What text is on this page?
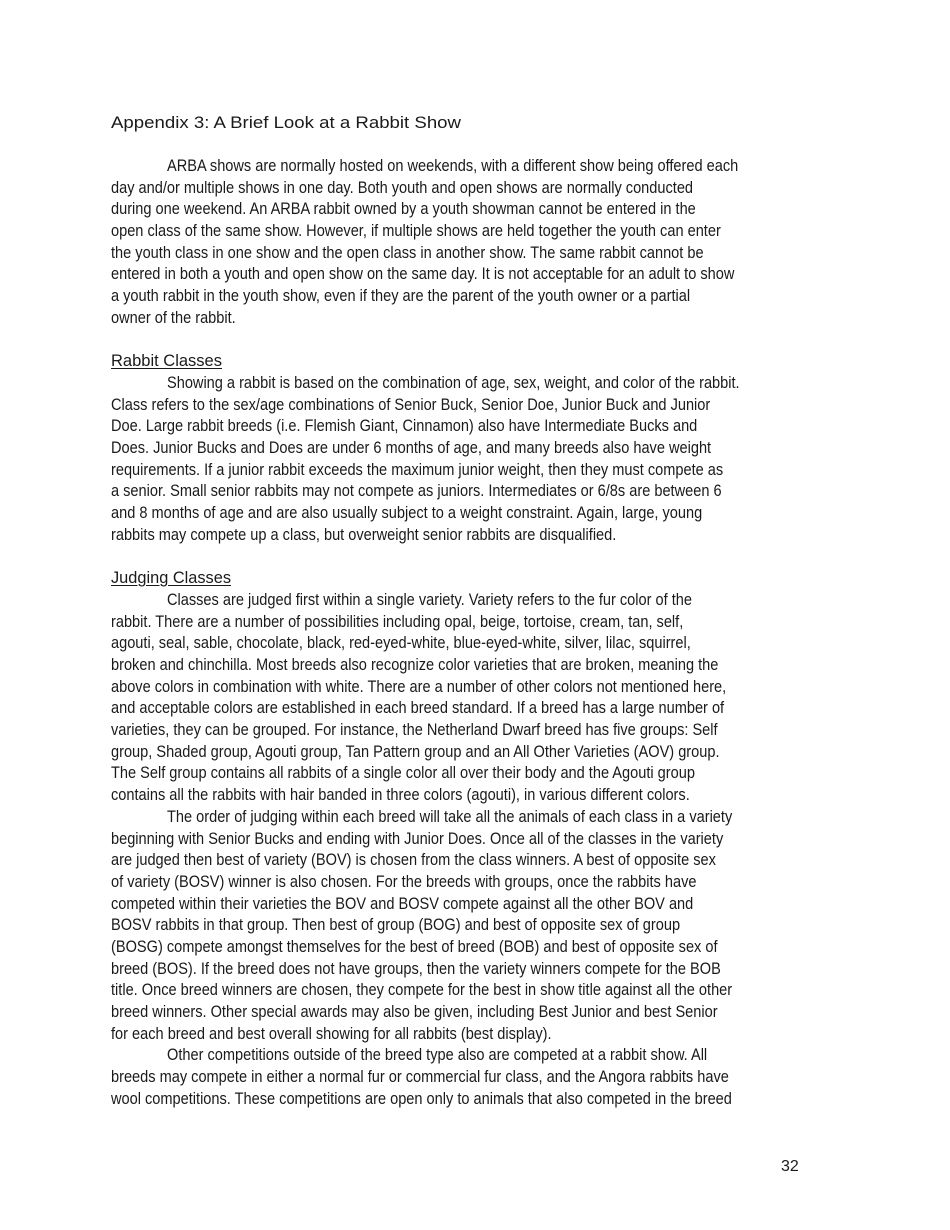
Appendix 3: A Brief Look at a Rabbit Show
ARBA shows are normally hosted on weekends, with a different show being offered each
day and/or multiple shows in one day. Both youth and open shows are normally conducted
during one weekend. An ARBA rabbit owned by a youth showman cannot be entered in the
open class of the same show. However, if multiple shows are held together the youth can enter
the youth class in one show and the open class in another show. The same rabbit cannot be
entered in both a youth and open show on the same day. It is not acceptable for an adult to show
a youth rabbit in the youth show, even if they are the parent of the youth owner or a partial
owner of the rabbit.
Rabbit Classes
Showing a rabbit is based on the combination of age, sex, weight, and color of the rabbit.
Class refers to the sex/age combinations of Senior Buck, Senior Doe, Junior Buck and Junior
Doe. Large rabbit breeds (i.e. Flemish Giant, Cinnamon) also have Intermediate Bucks and
Does. Junior Bucks and Does are under 6 months of age, and many breeds also have weight
requirements. If a junior rabbit exceeds the maximum junior weight, then they must compete as
a senior. Small senior rabbits may not compete as juniors. Intermediates or 6/8s are between 6
and 8 months of age and are also usually subject to a weight constraint. Again, large, young
rabbits may compete up a class, but overweight senior rabbits are disqualified.
Judging Classes
Classes are judged first within a single variety. Variety refers to the fur color of the
rabbit. There are a number of possibilities including opal, beige, tortoise, cream, tan, self,
agouti, seal, sable, chocolate, black, red-eyed-white, blue-eyed-white, silver, lilac, squirrel,
broken and chinchilla. Most breeds also recognize color varieties that are broken, meaning the
above colors in combination with white. There are a number of other colors not mentioned here,
and acceptable colors are established in each breed standard. If a breed has a large number of
varieties, they can be grouped. For instance, the Netherland Dwarf breed has five groups: Self
group, Shaded group, Agouti group, Tan Pattern group and an All Other Varieties (AOV) group.
The Self group contains all rabbits of a single color all over their body and the Agouti group
contains all the rabbits with hair banded in three colors (agouti), in various different colors.
The order of judging within each breed will take all the animals of each class in a variety
beginning with Senior Bucks and ending with Junior Does. Once all of the classes in the variety
are judged then best of variety (BOV) is chosen from the class winners. A best of opposite sex
of variety (BOSV) winner is also chosen. For the breeds with groups, once the rabbits have
competed within their varieties the BOV and BOSV compete against all the other BOV and
BOSV rabbits in that group. Then best of group (BOG) and best of opposite sex of group
(BOSG) compete amongst themselves for the best of breed (BOB) and best of opposite sex of
breed (BOS). If the breed does not have groups, then the variety winners compete for the BOB
title. Once breed winners are chosen, they compete for the best in show title against all the other
breed winners. Other special awards may also be given, including Best Junior and best Senior
for each breed and best overall showing for all rabbits (best display).
Other competitions outside of the breed type also are competed at a rabbit show. All
breeds may compete in either a normal fur or commercial fur class, and the Angora rabbits have
wool competitions. These competitions are open only to animals that also competed in the breed
32
